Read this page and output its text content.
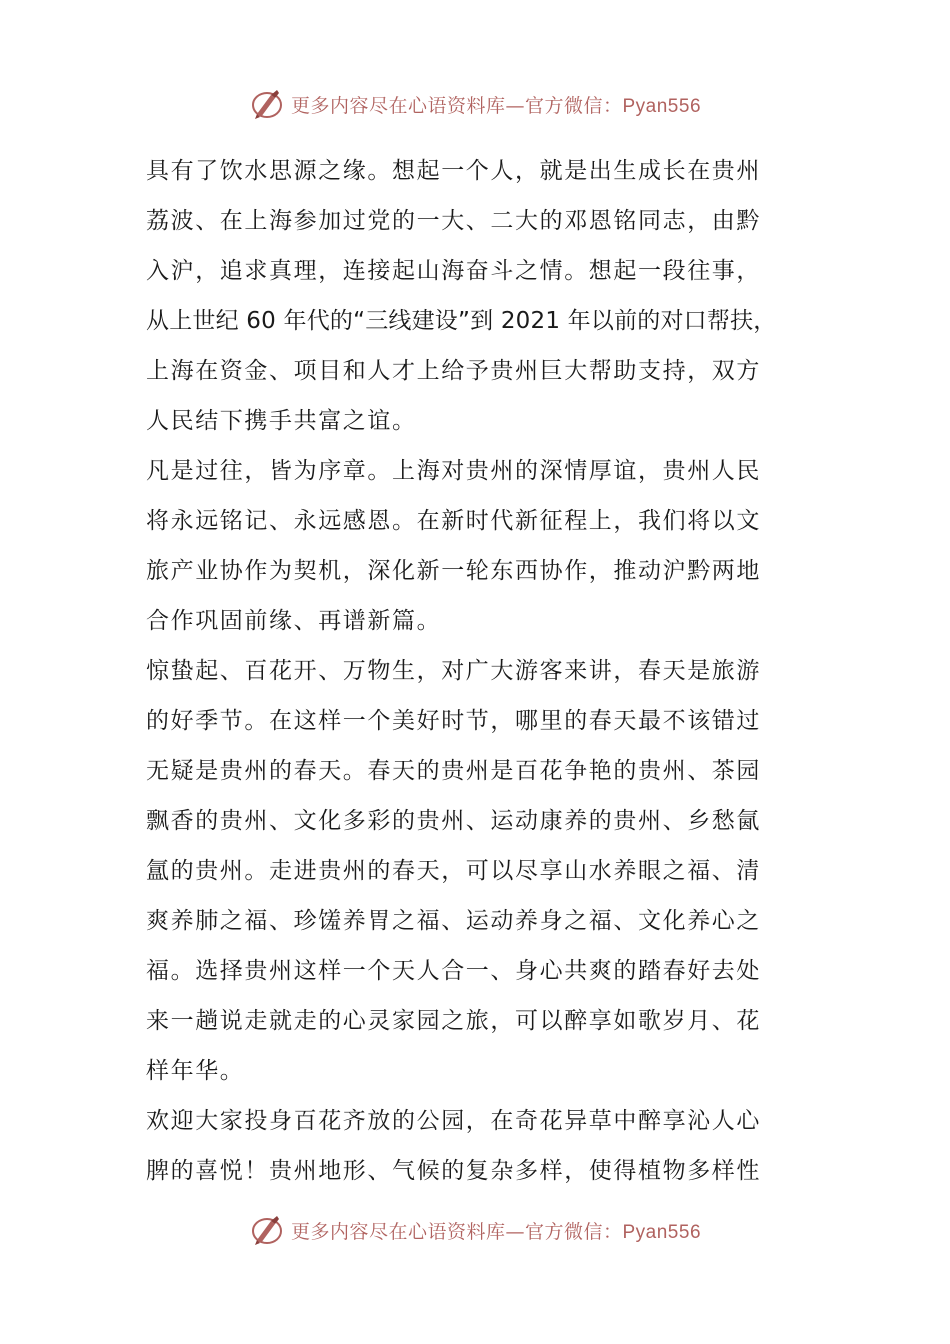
更多内容尽在心语资料库—官方微信：Pyan556
具有了饮水思源之缘。想起一个人，就是出生成长在贵州
荔波、在上海参加过党的一大、二大的邓恩铭同志，由黔
入沪，追求真理，连接起山海奋斗之情。想起一段往事，
从上世纪 60 年代的“三线建设”到 2021 年以前的对口帮扶，
上海在资金、项目和人才上给予贵州巨大帮助支持，双方
人民结下携手共富之谊。
凡是过往，皆为序章。上海对贵州的深情厚谊，贵州人民
将永远铭记、永远感恩。在新时代新征程上，我们将以文
旅产业协作为契机，深化新一轮东西协作，推动沪黔两地
合作巩固前缘、再谱新篇。
惊蛰起、百花开、万物生，对广大游客来讲，春天是旅游
的好季节。在这样一个美好时节，哪里的春天最不该错过
无疑是贵州的春天。春天的贵州是百花争艳的贵州、茶园
飘香的贵州、文化多彩的贵州、运动康养的贵州、乡愁氤
氲的贵州。走进贵州的春天，可以尽享山水养眼之福、清
爽养肺之福、珍馐养胃之福、运动养身之福、文化养心之
福。选择贵州这样一个天人合一、身心共爽的踏春好去处
来一趟说走就走的心灵家园之旅，可以醉享如歌岁月、花
样年华。
欢迎大家投身百花齐放的公园，在奇花异草中醉享沁人心
脾的喜悦！贵州地形、气候的复杂多样，使得植物多样性
更多内容尽在心语资料库—官方微信：Pyan556
